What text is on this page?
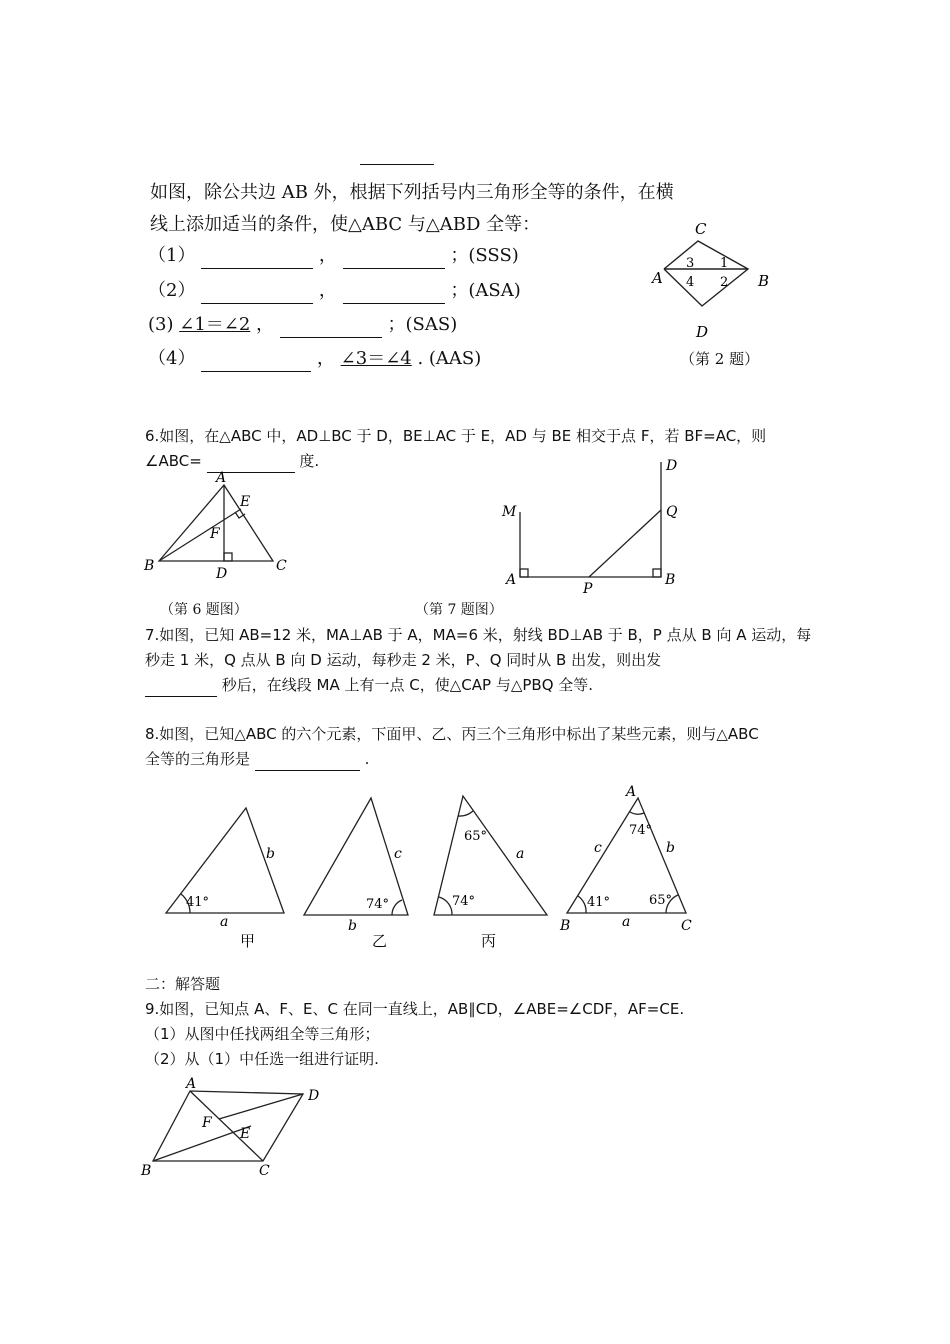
如图，除公共边 AB 外，根据下列括号内三角形全等的条件，在横
线上添加适当的条件，使△ABC 与△ABD 全等：
（1）	，	；(SSS)
（2）	，	；(ASA)
(3) ∠1＝∠2 ，	；(SAS)
（4）	， ∠3＝∠4 . (AAS)
C
A	B
D
3 1
4 2
（第 2 题）
6.如图，在△ABC 中，AD⊥BC 于 D，BE⊥AC 于 E，AD 与 BE 相交于点 F，若 BF=AC，则
∠ABC=	度.
A
E
F
B	D	C
D
M	Q
A
P
B
（第 6 题图）	（第 7 题图）
7.如图，已知 AB=12 米，MA⊥AB 于 A，MA=6 米，射线 BD⊥AB 于 B，P 点从 B 向 A 运动，每
秒走 1 米，Q 点从 B 向 D 运动，每秒走 2 米，P、Q 同时从 B 出发，则出发
秒后，在线段 MA 上有一点 C，使△CAP 与△PBQ 全等.
8.如图，已知△ABC 的六个元素，下面甲、乙、丙三个三角形中标出了某些元素，则与△ABC
全等的三角形是	.
41°
b
a
甲
74°
c
b
乙
65°
74°
a
丙
A
B	C
74°
41°	65°
c	b
a
二：解答题
9.如图，已知点 A、F、E、C 在同一直线上，AB∥CD，∠ABE=∠CDF，AF=CE.
（1）从图中任找两组全等三角形；
（2）从（1）中任选一组进行证明.
A
D
F
E
B	C
